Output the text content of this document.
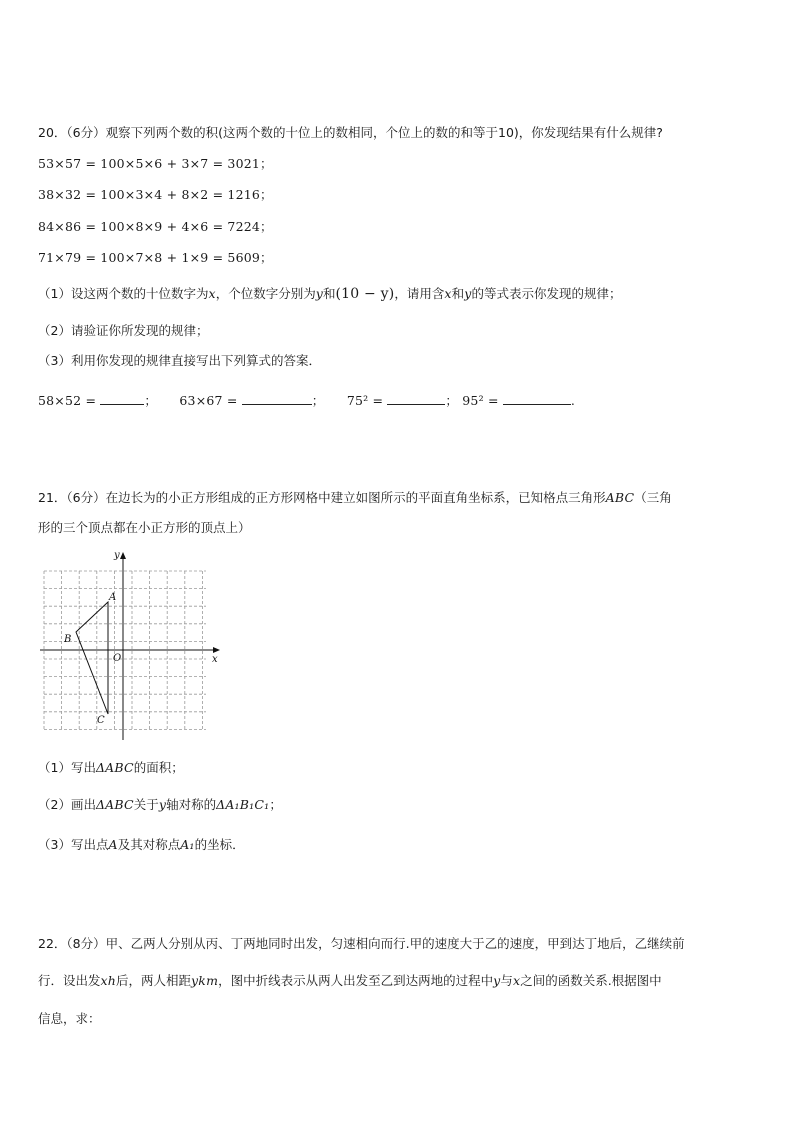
20．（6分）观察下列两个数的积(这两个数的十位上的数相同，个位上的数的和等于10)，你发现结果有什么规律?
53×57 = 100×5×6 + 3×7 = 3021；
38×32 = 100×3×4 + 8×2 = 1216；
84×86 = 100×8×9 + 4×6 = 7224；
71×79 = 100×7×8 + 1×9 = 5609；
（1）设这两个数的十位数字为x，个位数字分别为y和(10 − y)，请用含x和y的等式表示你发现的规律；
（2）请验证你所发现的规律；
（3）利用你发现的规律直接写出下列算式的答案．
58×52 =	； 63×67 =	； 75² =	； 95² =	.
21．（6分）在边长为的小正方形组成的正方形网格中建立如图所示的平面直角坐标系，已知格点三角形ABC（三角
形的三个顶点都在小正方形的顶点上）
y
x
A
B
O
C
（1）写出ΔABC的面积；
（2）画出ΔABC关于y轴对称的ΔA₁B₁C₁；
（3）写出点A及其对称点A₁的坐标．
22．（8分）甲、乙两人分别从丙、丁两地同时出发，匀速相向而行.甲的速度大于乙的速度，甲到达丁地后，乙继续前
行．设出发xh后，两人相距ykm，图中折线表示从两人出发至乙到达两地的过程中y与x之间的函数关系.根据图中
信息，求：
